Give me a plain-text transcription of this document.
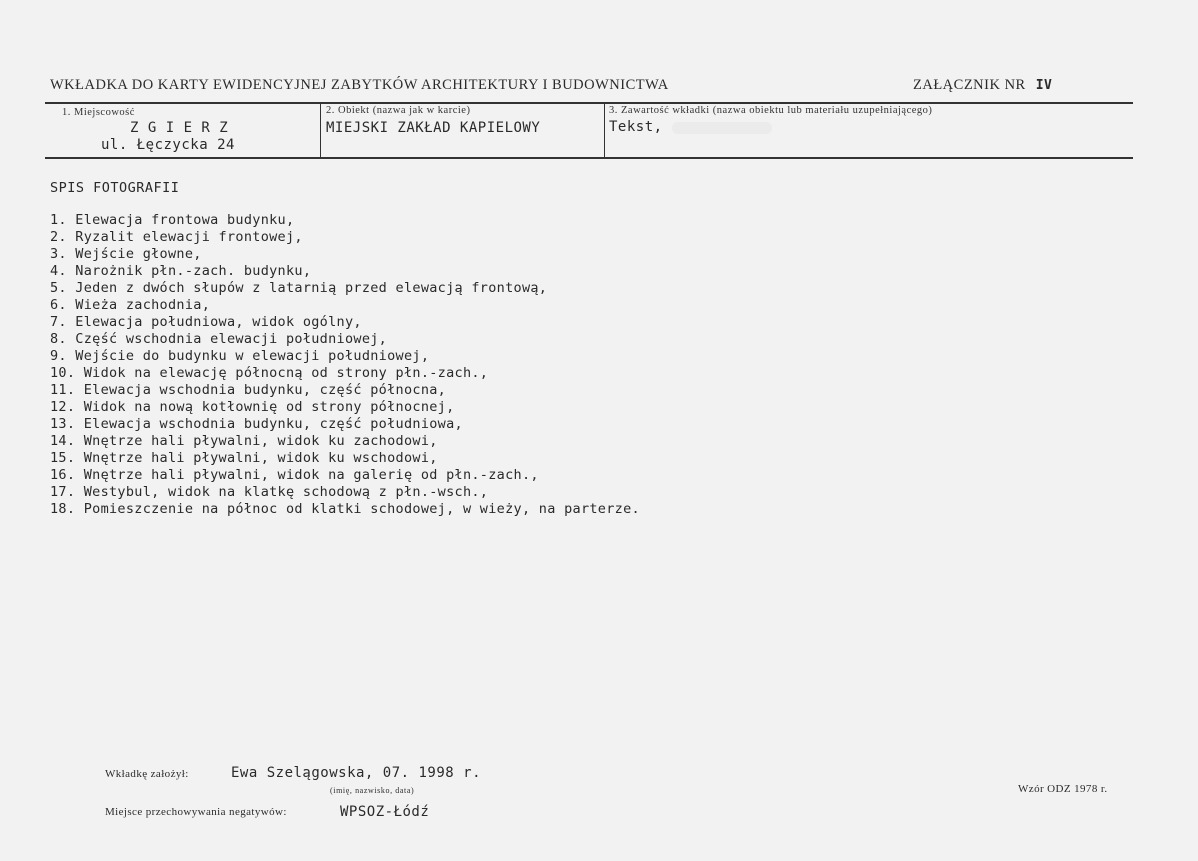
WKŁADKA DO KARTY EWIDENCYJNEJ ZABYTKÓW ARCHITEKTURY I BUDOWNICTWA	ZAŁĄCZNIK NR IV
1. Miejscowość
Z G I E R Z
ul. Łęczycka 24
2. Obiekt (nazwa jak w karcie)
MIEJSKI ZAKŁAD KAPIELOWY
3. Zawartość wkładki (nazwa obiektu lub materiału uzupełniającego)
Tekst,
SPIS FOTOGRAFII
1. Elewacja frontowa budynku,
2. Ryzalit elewacji frontowej,
3. Wejście głowne,
4. Narożnik płn.-zach. budynku,
5. Jeden z dwóch słupów z latarnią przed elewacją frontową,
6. Wieża zachodnia,
7. Elewacja południowa, widok ogólny,
8. Część wschodnia elewacji południowej,
9. Wejście do budynku w elewacji południowej,
10. Widok na elewację północną od strony płn.-zach.,
11. Elewacja wschodnia budynku, część północna,
12. Widok na nową kotłownię od strony północnej,
13. Elewacja wschodnia budynku, część południowa,
14. Wnętrze hali pływalni, widok ku zachodowi,
15. Wnętrze hali pływalni, widok ku wschodowi,
16. Wnętrze hali pływalni, widok na galerię od płn.-zach.,
17. Westybul, widok na klatkę schodową z płn.-wsch.,
18. Pomieszczenie na północ od klatki schodowej, w wieży, na parterze.
Wkładkę założył:	Ewa Szelągowska, 07. 1998 r.
(imię, nazwisko, data)
Miejsce przechowywania negatywów:	WPSOZ-Łódź
Wzór ODZ 1978 r.
